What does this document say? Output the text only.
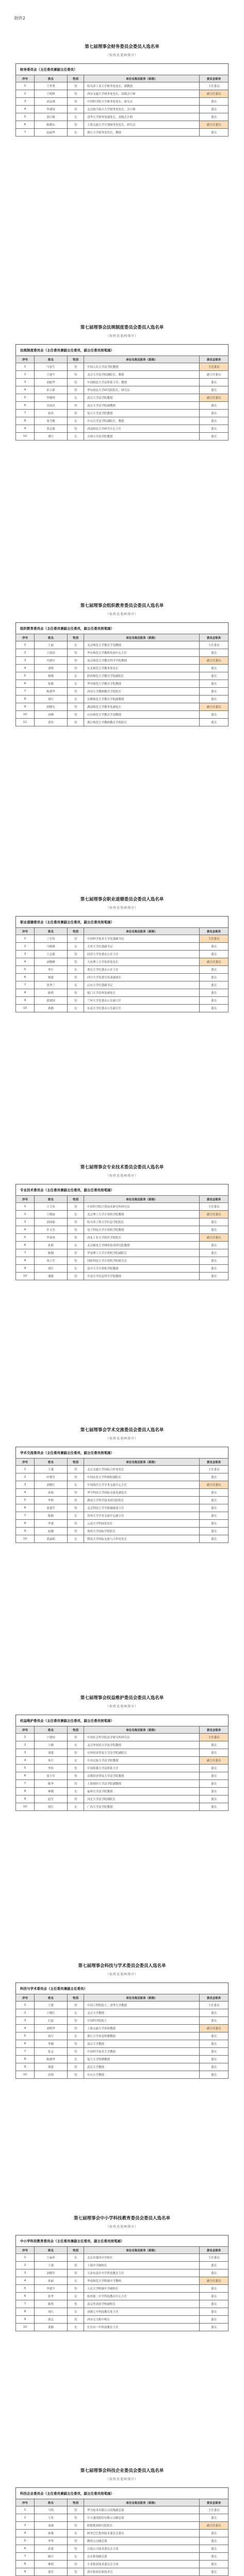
附件2
第七届理事会财务委员会委员人选名单
（按姓氏笔画排序）
财务委员会（主任委员兼副主任委员）
序号	姓名	性别	单位名称及职务（职称）	委员会职务
1	王世勇	男	哈尔滨工业大学财务处处长、副教授	主任委员
2	王明辉	男	西安交通大学财务处处长、高级会计师	副主任委员
3	刘志刚	男	中国科学院大学财务处处长、研究员	委员
4	李建国	男	北京航空航天大学财务处处长、会计师	委员
5	张红梅	女	清华大学财务处副处长、高级会计师	委员
6	陈晓东	男	上海交通大学计划财务处处长、研究员	副主任委员
7	赵丽华	女	浙江大学财务处处长、教授	委员
第七届理事会法规制度委员会委员人选名单
（按姓氏笔画排序）
法规制度委员会（主任委员兼副主任委员，副主任委员按笔画）
序号	姓名	性别	单位名称及职务（职称）	委员会职务
1	马春生	男	中国人民大学法学院教授	主任委员
2	王建平	男	北京大学法学院副院长、教授	副主任委员
3	刘振华	男	中国政法大学法律系主任、教授	委员
4	孙立新	男	华东政法大学研究院院长、研究员	委员
5	李晓明	女	武汉大学法学院教授	副主任委员
6	吴国庆	男	南京大学法学院副教授	委员
7	张伟	男	复旦大学法学院教授	委员
8	周雪梅	女	中山大学法学院副院长、教授	委员
9	黄志强	男	西南政法大学研究中心主任	委员
10	曹红	女	吉林大学法学院教授	委员
第七届理事会组织教育委员会委员人选名单
（按姓氏笔画排序）
组织教育委员会（主任委员兼副主任委员，副主任委员按笔画）
序号	姓名	性别	单位名称及职务（职称）	委员会职务
1	王丽	女	北京师范大学教育学部教授	主任委员
2	王海涛	男	华东师范大学教师发展中心主任	委员
3	冯建军	男	南京师范大学教育科学学院教授	副主任委员
4	刘明	男	东北师范大学教务处处长	委员
5	杨晓	女	陕西师范大学教育学院副院长	委员
6	张敏	女	华中师范大学教育学院教授	委员
7	陈建华	男	西南大学教师教育学院院长	委员
8	郑红	女	首都师范大学教育学院副教授	委员
9	胡晓光	男	湖南师范大学教务处副处长	副主任委员
10	高峰	男	山东师范大学教育学部教授	委员
11	黄伟	男	浙江师范大学教师教育学院院长	委员
第七届理事会职业道德委员会委员人选名单
（按姓氏笔画排序）
职业道德委员会（主任委员兼副主任委员，副主任委员按笔画）
序号	姓名	性别	单位名称及职务（职称）	委员会职务
1	丁宏伟	男	中国科学技术大学党委副书记	主任委员
2	马晓燕	女	天津大学纪委副书记	委员
3	王志强	男	同济大学党委办公室主任	委员
4	刘晓峰	男	大连理工大学监察处处长	副主任委员
5	李红	女	重庆大学纪委办公室主任	委员
6	杨建	男	四川大学党委宣传部副部长	委员
7	张秀兰	女	山东大学纪委副书记	委员
8	陈明	男	厦门大学监察处副处长	委员
9	郭建国	男	兰州大学党委办公室副主任	委员
10	韩静	女	东南大学纪委办公室副主任	委员
第七届理事会专业技术委员会委员人选名单
（按姓氏笔画排序）
专业技术委员会（主任委员兼副主任委员，副主任委员按笔画）
序号	姓名	性别	单位名称及职务（职称）	委员会职务
1	王大伟	男	中国科学院计算技术研究所研究员	主任委员
2	王晓丽	女	北京理工大学计算机学院教授	副主任委员
3	刘国强	男	哈尔滨工程大学信息学院院长	委员
4	许文杰	男	电子科技大学计算机学院教授	委员
5	李春明	男	西北工业大学软件学院院长	副主任委员
6	张莉	女	北京邮电大学网络技术研究院教授	委员
7	陈刚	男	华南理工大学计算机学院副院长	委员
8	周立军	男	国防科技大学计算机学院研究员	委员
9	徐红	女	南开大学计算机学院教授	委员
10	潘建	男	中南大学信息科学学院教授	委员
第七届理事会学术交流委员会委员人选名单
（按姓氏笔画排序）
学术交流委员会（主任委员兼副主任委员，副主任委员按笔画）
序号	姓名	性别	单位名称及职务（职称）	委员会职务
1	王强	男	北京交通大学国际合作处处长	主任委员
2	叶晓军	男	中国农业大学科研院副院长	委员
3	刘晓红	女	中国海洋大学学术交流中心主任	副主任委员
4	孙海	男	华中科技大学国际交流处副处长	委员
5	李明	男	湖南大学科学技术研究院院长	委员
6	张建军	男	北京科技大学学报编辑部主任	委员
7	陈静	女	苏州大学学术交流中心副主任	委员
8	罗强	男	云南大学科技处处长	委员
9	赵刚	男	郑州大学国际学院院长	委员
10	黄丽娟	女	暨南大学国际交流与合作处处长	委员
第七届理事会权益维护委员会委员人选名单
（按姓氏笔画排序）
权益维护委员会（主任委员兼副主任委员，副主任委员按笔画）
序号	姓名	性别	单位名称及职务（职称）	委员会职务
1	于建国	男	中国社会科学院法学研究所研究员	主任委员
2	王梅	女	北京外国语大学法学院教授	委员
3	刘建	男	对外经济贸易大学法学院副院长	委员
4	朱红	女	中央民族大学法学院教授	副主任委员
5	李伟	男	中国传媒大学法律系主任	委员
6	张小军	男	首都经济贸易大学法学院教授	委员
7	陈华	男	上海财经大学法学院副教授	委员
8	林晓	女	福州大学法学院教授	委员
9	赵军	男	河北大学法学院副院长	委员
10	梁红	女	广西大学法学院教授	委员
第七届理事会科技与学术委员会委员人选名单
（按姓氏笔画排序）
科技与学术委员会（主任委员兼副主任委员）
序号	姓名	性别	单位名称及职务（职称）	委员会职务
1	王建	男	中国工程院院士、清华大学教授	主任委员
2	王晓红	女	北京大学教授	委员
3	石磊	男	中国科学院院士	委员
4	刘明华	男	上海交通大学讲席教授	副主任委员
5	孙红	女	浙江大学求是特聘教授	委员
6	李刚	男	南京大学教授	委员
7	张志	男	中国科学技术大学教授	委员
8	陈晓华	女	复旦大学特聘教授	委员
9	郑建	男	武汉大学教授	委员
10	高明	男	中山大学教授	委员
第七届理事会中小学科技教育委员会委员人选名单
（按姓氏笔画排序）
中小学科技教育委员会（主任委员兼副主任委员，副主任委员按笔画）
序号	姓名	性别	单位名称及职务（职称）	委员会职务
1	王丽萍	女	北京市第四中学校长	主任委员
2	王强	男	上海中学副校长	委员
3	刘晓军	男	天津市南开中学科技教育主任	委员
4	孙丽	女	华南师范大学附属中学教师	副主任委员
5	李建平	男	人民大学附属中学副校长	委员
6	张华	女	杭州第二中学科技教育中心主任	委员
7	陈明	男	南京外国语学校副校长	委员
8	周红	女	成都七中科技教育处主任	委员
9	郭志	男	西安交大附中校长	委员
10	黄静	女	长沙市一中科技教育主任	委员
第七届理事会科技企业委员会委员人选名单
（按姓氏笔画排序）
科技企业委员会（主任委员兼副主任委员，副主任委员按笔画）
序号	姓名	性别	单位名称及职务（职称）	委员会职务
1	马明	男	华为技术有限公司高级副总裁	主任委员
2	王伟	男	中兴通讯股份有限公司副总裁	委员
3	刘强	男	联想集团研究院院长	副主任委员
4	孙晓	女	阿里巴巴集团技术委员会委员	委员
5	李华	男	腾讯公司副总裁	委员
6	张建	男	百度公司技术委员会主席	委员
7	陈红	女	京东集团副总裁	委员
8	林明	男	小米集团技术委员会主席	委员
9	郑军	男	海尔集团首席技术官	委员
